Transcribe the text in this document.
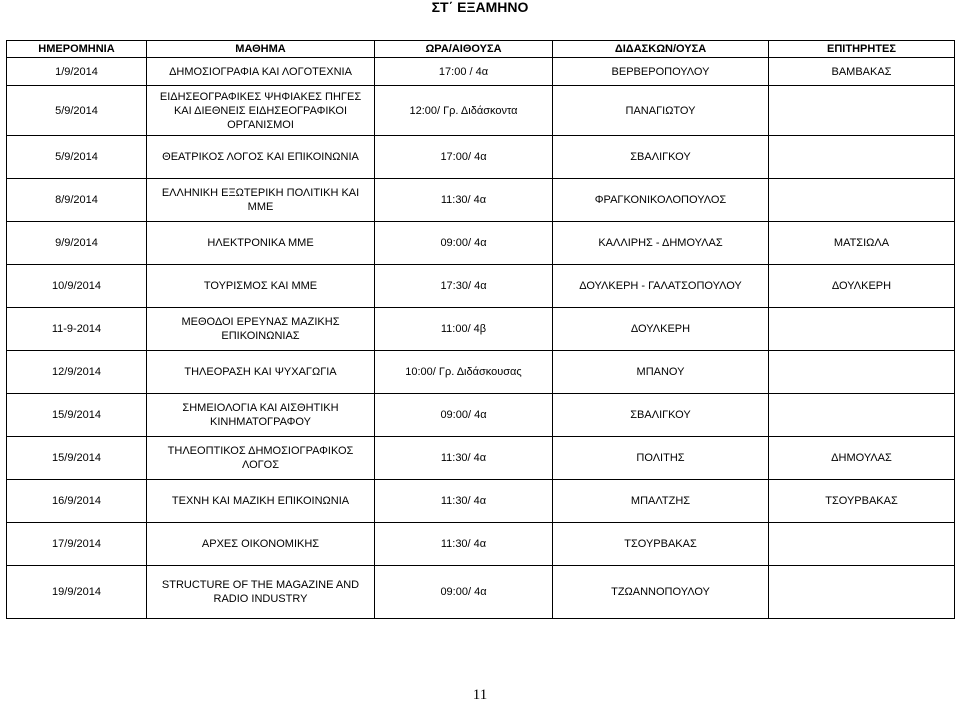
ΣΤ΄ ΕΞΑΜΗΝΟ
ΗΜΕΡΟΜΗΝΙΑ	ΜΑΘΗΜΑ	ΩΡΑ/ΑΙΘΟΥΣΑ	ΔΙΔΑΣΚΩΝ/ΟΥΣΑ	ΕΠΙΤΗΡΗΤΕΣ
1/9/2014	ΔΗΜΟΣΙΟΓΡΑΦΙΑ ΚΑΙ ΛΟΓΟΤΕΧΝΙΑ	17:00 / 4α	ΒΕΡΒΕΡΟΠΟΥΛΟΥ	ΒΑΜΒΑΚΑΣ
5/9/2014	ΕΙΔΗΣΕΟΓΡΑΦΙΚΕΣ ΨΗΦΙΑΚΕΣ ΠΗΓΕΣ ΚΑΙ ΔΙΕΘΝΕΙΣ ΕΙΔΗΣΕΟΓΡΑΦΙΚΟΙ ΟΡΓΑΝΙΣΜΟΙ	12:00/ Γρ. Διδάσκοντα	ΠΑΝΑΓΙΩΤΟΥ	
5/9/2014	ΘΕΑΤΡΙΚΟΣ ΛΟΓΟΣ ΚΑΙ ΕΠΙΚΟΙΝΩΝΙΑ	17:00/ 4α	ΣΒΑΛΙΓΚΟΥ	
8/9/2014	ΕΛΛΗΝΙΚΗ ΕΞΩΤΕΡΙΚΗ ΠΟΛΙΤΙΚΗ ΚΑΙ ΜΜΕ	11:30/ 4α	ΦΡΑΓΚΟΝΙΚΟΛΟΠΟΥΛΟΣ	
9/9/2014	ΗΛΕΚΤΡΟΝΙΚΑ ΜΜΕ	09:00/ 4α	ΚΑΛΛΙΡΗΣ - ΔΗΜΟΥΛΑΣ	ΜΑΤΣΙΩΛΑ
10/9/2014	ΤΟΥΡΙΣΜΟΣ ΚΑΙ ΜΜΕ	17:30/ 4α	ΔΟΥΛΚΕΡΗ - ΓΑΛΑΤΣΟΠΟΥΛΟΥ	ΔΟΥΛΚΕΡΗ
11-9-2014	ΜΕΘΟΔΟΙ ΕΡΕΥΝΑΣ ΜΑΖΙΚΗΣ ΕΠΙΚΟΙΝΩΝΙΑΣ	11:00/ 4β	ΔΟΥΛΚΕΡΗ	
12/9/2014	ΤΗΛΕΟΡΑΣΗ ΚΑΙ ΨΥΧΑΓΩΓΙΑ	10:00/ Γρ. Διδάσκουσας	ΜΠΑΝΟΥ	
15/9/2014	ΣΗΜΕΙΟΛΟΓΙΑ ΚΑΙ ΑΙΣΘΗΤΙΚΗ ΚΙΝΗΜΑΤΟΓΡΑΦΟΥ	09:00/ 4α	ΣΒΑΛΙΓΚΟΥ	
15/9/2014	ΤΗΛΕΟΠΤΙΚΟΣ ΔΗΜΟΣΙΟΓΡΑΦΙΚΟΣ ΛΟΓΟΣ	11:30/ 4α	ΠΟΛΙΤΗΣ	ΔΗΜΟΥΛΑΣ
16/9/2014	ΤΕΧΝΗ ΚΑΙ ΜΑΖΙΚΗ ΕΠΙΚΟΙΝΩΝΙΑ	11:30/ 4α	ΜΠΑΛΤΖΗΣ	ΤΣΟΥΡΒΑΚΑΣ
17/9/2014	ΑΡΧΕΣ ΟΙΚΟΝΟΜΙΚΗΣ	11:30/ 4α	ΤΣΟΥΡΒΑΚΑΣ	
19/9/2014	STRUCTURE OF THE MAGAZINE AND RADIO INDUSTRY	09:00/ 4α	ΤΖΩΑΝΝΟΠΟΥΛΟΥ	
11
